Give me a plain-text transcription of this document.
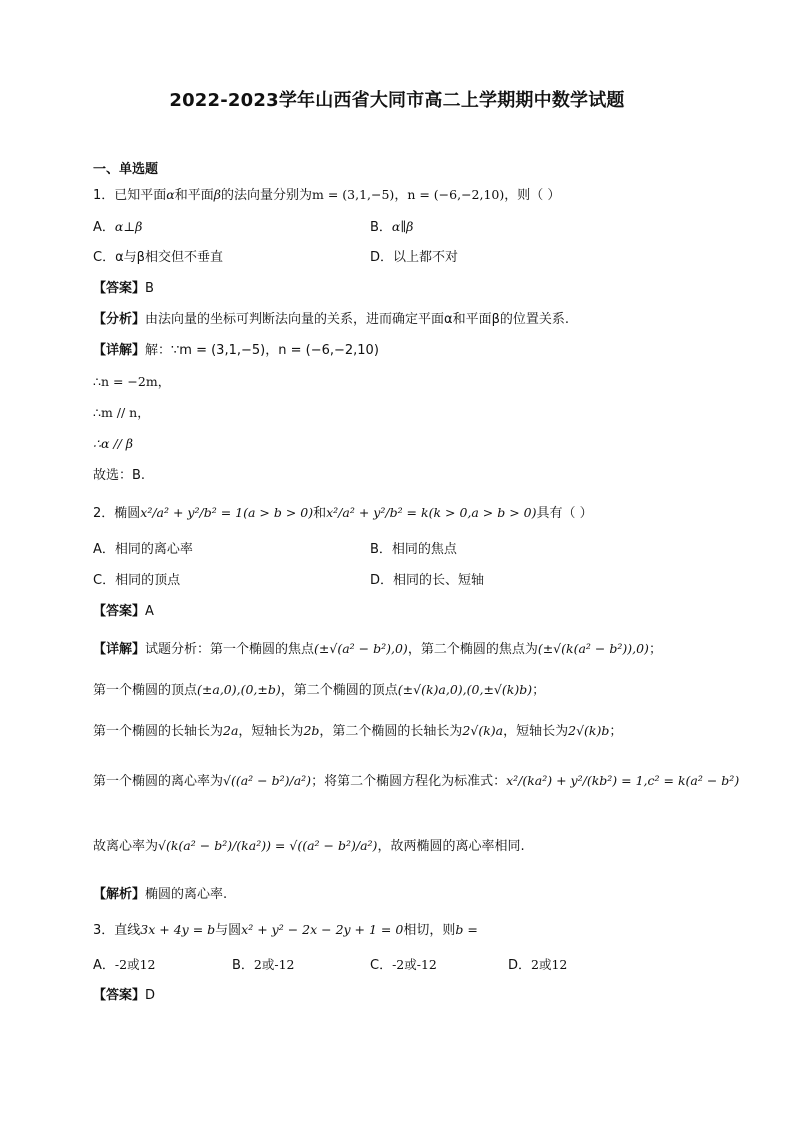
2022-2023学年山西省大同市高二上学期期中数学试题
一、单选题
1．已知平面α和平面β的法向量分别为m = (3,1,−5)，n = (−6,−2,10)，则（ ）
A．α⊥β	B．α∥β
C．α与β相交但不垂直	D．以上都不对
【答案】B
【分析】由法向量的坐标可判断法向量的关系，进而确定平面α和平面β的位置关系.
【详解】解：∵m = (3,1,−5)，n = (−6,−2,10)
∴n = −2m，
∴m // n，
∴α // β
故选：B.
2．椭圆x²/a² + y²/b² = 1(a > b > 0)和x²/a² + y²/b² = k(k > 0,a > b > 0)具有（ ）
A．相同的离心率	B．相同的焦点
C．相同的顶点	D．相同的长、短轴
【答案】A
【详解】试题分析：第一个椭圆的焦点(±√(a² − b²),0)，第二个椭圆的焦点为(±√(k(a² − b²)),0)；
第一个椭圆的顶点(±a,0),(0,±b)，第二个椭圆的顶点(±√(k)a,0),(0,±√(k)b)；
第一个椭圆的长轴长为2a，短轴长为2b，第二个椭圆的长轴长为2√(k)a，短轴长为2√(k)b；
第一个椭圆的离心率为√((a² − b²)/a²)；将第二个椭圆方程化为标准式：x²/(ka²) + y²/(kb²) = 1,c² = k(a² − b²)
故离心率为√(k(a² − b²)/(ka²)) = √((a² − b²)/a²)，故两椭圆的离心率相同.
【解析】椭圆的离心率.
3．直线3x + 4y = b与圆x² + y² − 2x − 2y + 1 = 0相切，则b =
A．-2或12	B．2或-12	C．-2或-12	D．2或12
【答案】D
